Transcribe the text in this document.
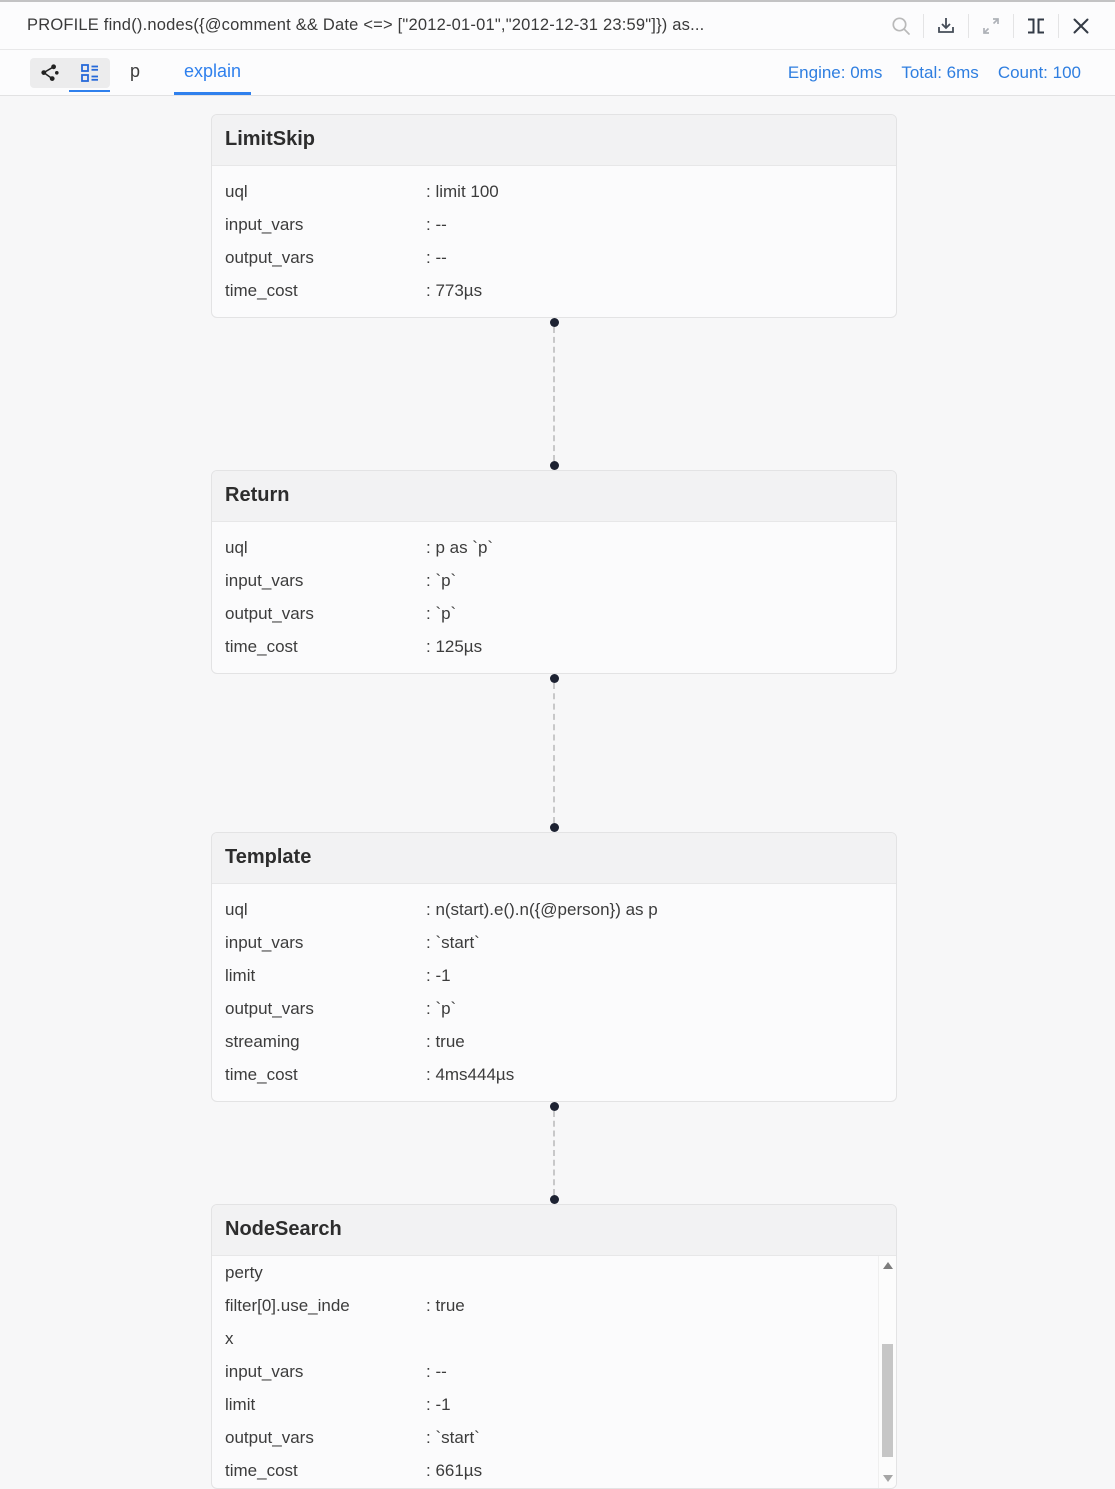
PROFILE find().nodes({@comment && Date <=> ["2012-01-01","2012-12-31 23:59"]}) as...
p	explain	Engine: 0ms Total: 6ms Count: 100
LimitSkip
uql	: limit 100
input_vars	: --
output_vars	: --
time_cost	: 773µs
Return
uql	: p as `p`
input_vars	: `p`
output_vars	: `p`
time_cost	: 125µs
Template
uql	: n(start).e().n({@person}) as p
input_vars	: `start`
limit	: -1
output_vars	: `p`
streaming	: true
time_cost	: 4ms444µs
NodeSearch
perty
filter[0].use_inde	: true
x
input_vars	: --
limit	: -1
output_vars	: `start`
time_cost	: 661µs
